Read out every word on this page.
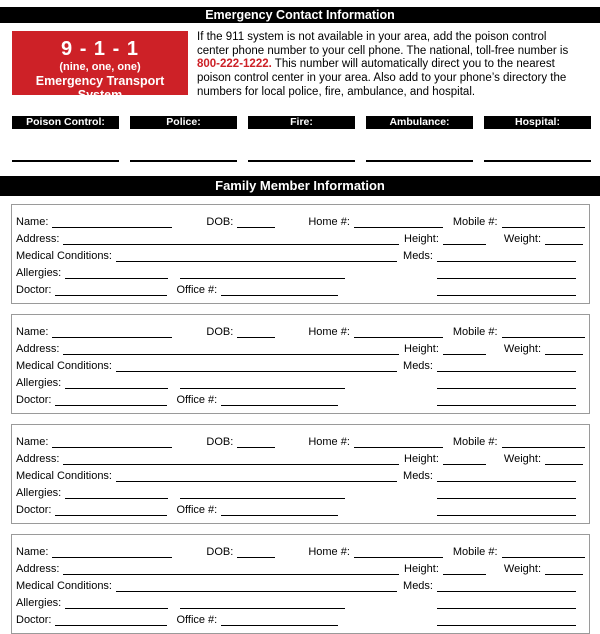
Emergency Contact Information
9 - 1 - 1
(nine, one, one)
Emergency Transport System
If the 911 system is not available in your area, add the poison control center phone number to your cell phone. The national, toll-free number is 800-222-1222. This number will automatically direct you to the nearest poison control center in your area. Also add to your phone’s directory the numbers for local police, fire, ambulance, and hospital.
Poison Control:	Police:	Fire:	Ambulance:	Hospital:
Family Member Information
Name:	DOB:	Home #:	Mobile #:
Address:	Height:	Weight:
Medical Conditions:	Meds:
Allergies:
Doctor:	Office #:
Name:	DOB:	Home #:	Mobile #:
Address:	Height:	Weight:
Medical Conditions:	Meds:
Allergies:
Doctor:	Office #:
Name:	DOB:	Home #:	Mobile #:
Address:	Height:	Weight:
Medical Conditions:	Meds:
Allergies:
Doctor:	Office #:
Name:	DOB:	Home #:	Mobile #:
Address:	Height:	Weight:
Medical Conditions:	Meds:
Allergies:
Doctor:	Office #:
